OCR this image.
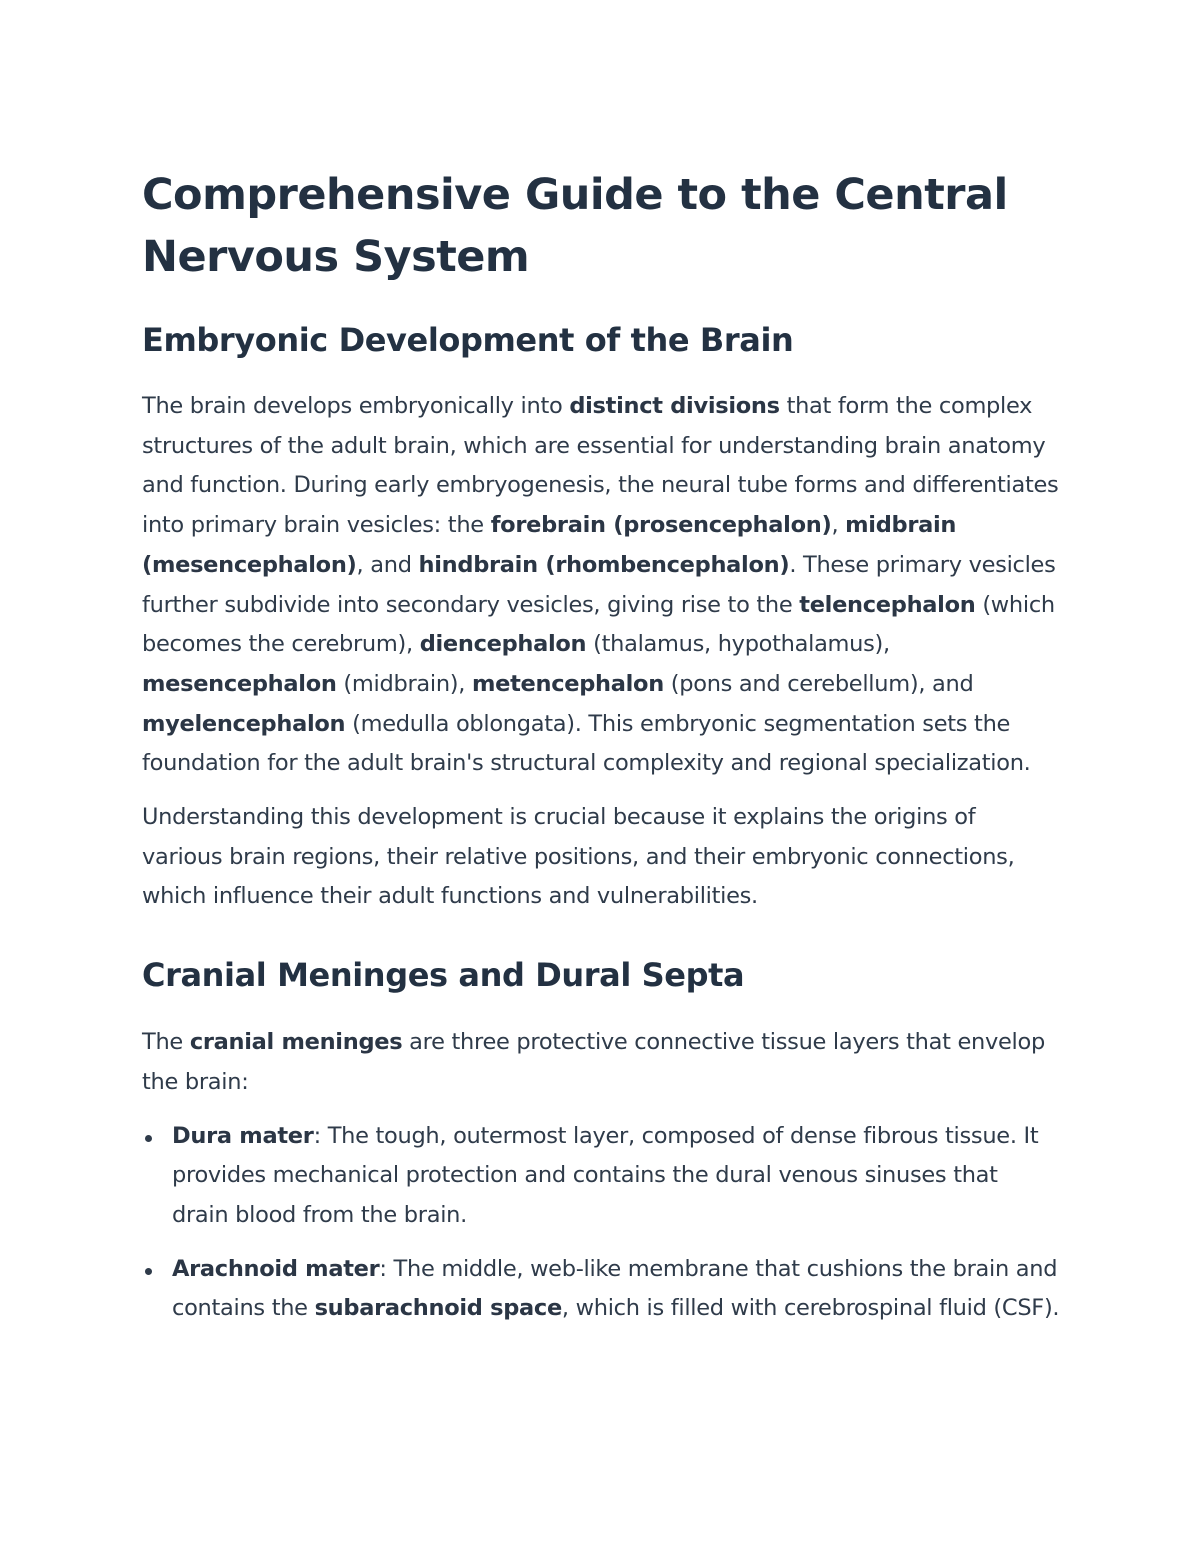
Comprehensive Guide to the Central Nervous System
Embryonic Development of the Brain

The brain develops embryonically into distinct divisions that form the complex structures of the adult brain, which are essential for understanding brain anatomy and function. During early embryogenesis, the neural tube forms and differentiates into primary brain vesicles: the forebrain (prosencephalon), midbrain (mesencephalon), and hindbrain (rhombencephalon). These primary vesicles further subdivide into secondary vesicles, giving rise to the telencephalon (which becomes the cerebrum), diencephalon (thalamus, hypothalamus), mesencephalon (midbrain), metencephalon (pons and cerebellum), and myelencephalon (medulla oblongata). This embryonic segmentation sets the foundation for the adult brain's structural complexity and regional specialization.

Understanding this development is crucial because it explains the origins of various brain regions, their relative positions, and their embryonic connections, which influence their adult functions and vulnerabilities.

Cranial Meninges and Dural Septa

The cranial meninges are three protective connective tissue layers that envelop the brain:

Dura mater: The tough, outermost layer, composed of dense fibrous tissue. It provides mechanical protection and contains the dural venous sinuses that drain blood from the brain.
Arachnoid mater: The middle, web-like membrane that cushions the brain and contains the subarachnoid space, which is filled with cerebrospinal fluid (CSF).
